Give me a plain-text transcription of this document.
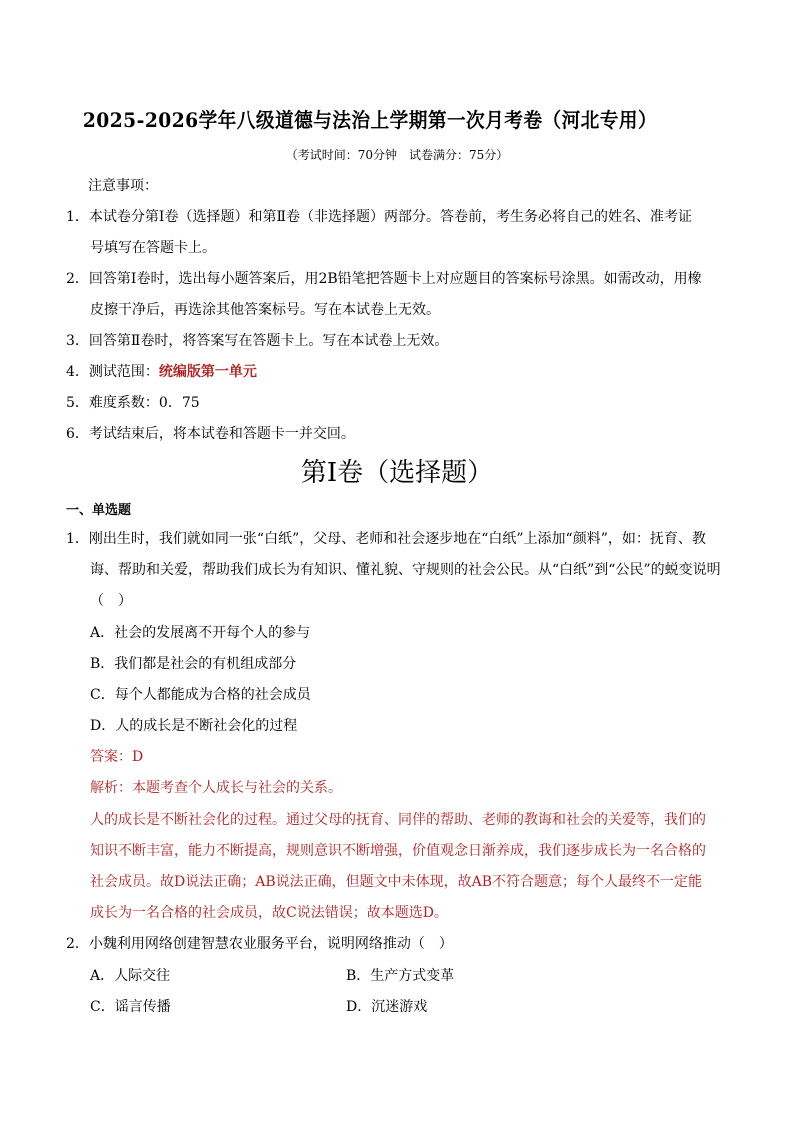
2025-2026学年八级道德与法治上学期第一次月考卷（河北专用）
（考试时间：70分钟　试卷满分：75分）
注意事项：
1．本试卷分第Ⅰ卷（选择题）和第Ⅱ卷（非选择题）两部分。答卷前，考生务必将自己的姓名、准考证
号填写在答题卡上。
2．回答第Ⅰ卷时，选出每小题答案后，用2B铅笔把答题卡上对应题目的答案标号涂黑。如需改动，用橡
皮擦干净后，再选涂其他答案标号。写在本试卷上无效。
3．回答第Ⅱ卷时，将答案写在答题卡上。写在本试卷上无效。
4．测试范围：统编版第一单元
5．难度系数：0．75
6．考试结束后，将本试卷和答题卡一并交回。
第Ⅰ卷（选择题）
一、单选题
1．刚出生时，我们就如同一张“白纸”，父母、老师和社会逐步地在“白纸”上添加“颜料”，如：抚育、教
诲、帮助和关爱，帮助我们成长为有知识、懂礼貌、守规则的社会公民。从“白纸”到“公民”的蜕变说明
（　）
A．社会的发展离不开每个人的参与
B．我们都是社会的有机组成部分
C．每个人都能成为合格的社会成员
D．人的成长是不断社会化的过程
答案：D
解析：本题考查个人成长与社会的关系。
人的成长是不断社会化的过程。通过父母的抚育、同伴的帮助、老师的教诲和社会的关爱等，我们的
知识不断丰富，能力不断提高，规则意识不断增强，价值观念日渐养成，我们逐步成长为一名合格的
社会成员。故D说法正确；AB说法正确，但题文中未体现，故AB不符合题意；每个人最终不一定能
成长为一名合格的社会成员，故C说法错误；故本题选D。
2．小魏利用网络创建智慧农业服务平台，说明网络推动（　）
A．人际交往	B．生产方式变革
C．谣言传播	D．沉迷游戏
